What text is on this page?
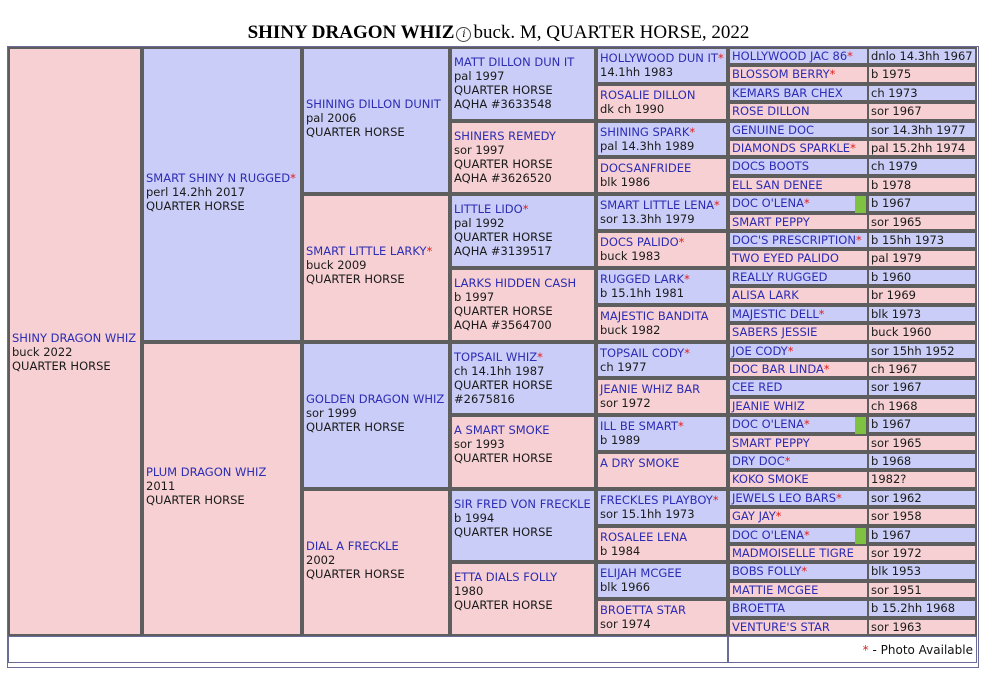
SHINY DRAGON WHIZ i buck. M, QUARTER HORSE, 2022
* - Photo Available
SHINY DRAGON WHIZ
buck 2022
QUARTER HORSE
SMART SHINY N RUGGED*
perl 14.2hh 2017
QUARTER HORSE
PLUM DRAGON WHIZ
2011
QUARTER HORSE
SHINING DILLON DUNIT
pal 2006
QUARTER HORSE
SMART LITTLE LARKY*
buck 2009
QUARTER HORSE
GOLDEN DRAGON WHIZ
sor 1999
QUARTER HORSE
DIAL A FRECKLE
2002
QUARTER HORSE
MATT DILLON DUN IT
pal 1997
QUARTER HORSE
AQHA #3633548
SHINERS REMEDY
sor 1997
QUARTER HORSE
AQHA #3626520
LITTLE LIDO*
pal 1992
QUARTER HORSE
AQHA #3139517
LARKS HIDDEN CASH
b 1997
QUARTER HORSE
AQHA #3564700
TOPSAIL WHIZ*
ch 14.1hh 1987
QUARTER HORSE
#2675816
A SMART SMOKE
sor 1993
QUARTER HORSE
SIR FRED VON FRECKLE
b 1994
QUARTER HORSE
ETTA DIALS FOLLY
1980
QUARTER HORSE
HOLLYWOOD DUN IT*
14.1hh 1983
ROSALIE DILLON
dk ch 1990
SHINING SPARK*
pal 14.3hh 1989
DOCSANFRIDEE
blk 1986
SMART LITTLE LENA*
sor 13.3hh 1979
DOCS PALIDO*
buck 1983
RUGGED LARK*
b 15.1hh 1981
MAJESTIC BANDITA
buck 1982
TOPSAIL CODY*
ch 1977
JEANIE WHIZ BAR
sor 1972
ILL BE SMART*
b 1989
A DRY SMOKE
FRECKLES PLAYBOY*
sor 15.1hh 1973
ROSALEE LENA
b 1984
ELIJAH MCGEE
blk 1966
BROETTA STAR
sor 1974
HOLLYWOOD JAC 86*	dnlo 14.3hh 1967
BLOSSOM BERRY*	b 1975
KEMARS BAR CHEX	ch 1973
ROSE DILLON	sor 1967
GENUINE DOC	sor 14.3hh 1977
DIAMONDS SPARKLE*	pal 15.2hh 1974
DOCS BOOTS	ch 1979
ELL SAN DENEE	b 1978
DOC O'LENA*	b 1967
SMART PEPPY	sor 1965
DOC'S PRESCRIPTION* b 15hh 1973
TWO EYED PALIDO	pal 1979
REALLY RUGGED	b 1960
ALISA LARK	br 1969
MAJESTIC DELL*	blk 1973
SABERS JESSIE	buck 1960
JOE CODY*	sor 15hh 1952
DOC BAR LINDA*	ch 1967
CEE RED	sor 1967
JEANIE WHIZ	ch 1968
DOC O'LENA*	b 1967
SMART PEPPY	sor 1965
DRY DOC*	b 1968
KOKO SMOKE	1982?
JEWELS LEO BARS*	sor 1962
GAY JAY*	sor 1958
DOC O'LENA*	b 1967
MADMOISELLE TIGRE	sor 1972
BOBS FOLLY*	blk 1953
MATTIE MCGEE	sor 1951
BROETTA	b 15.2hh 1968
VENTURE'S STAR	sor 1963
